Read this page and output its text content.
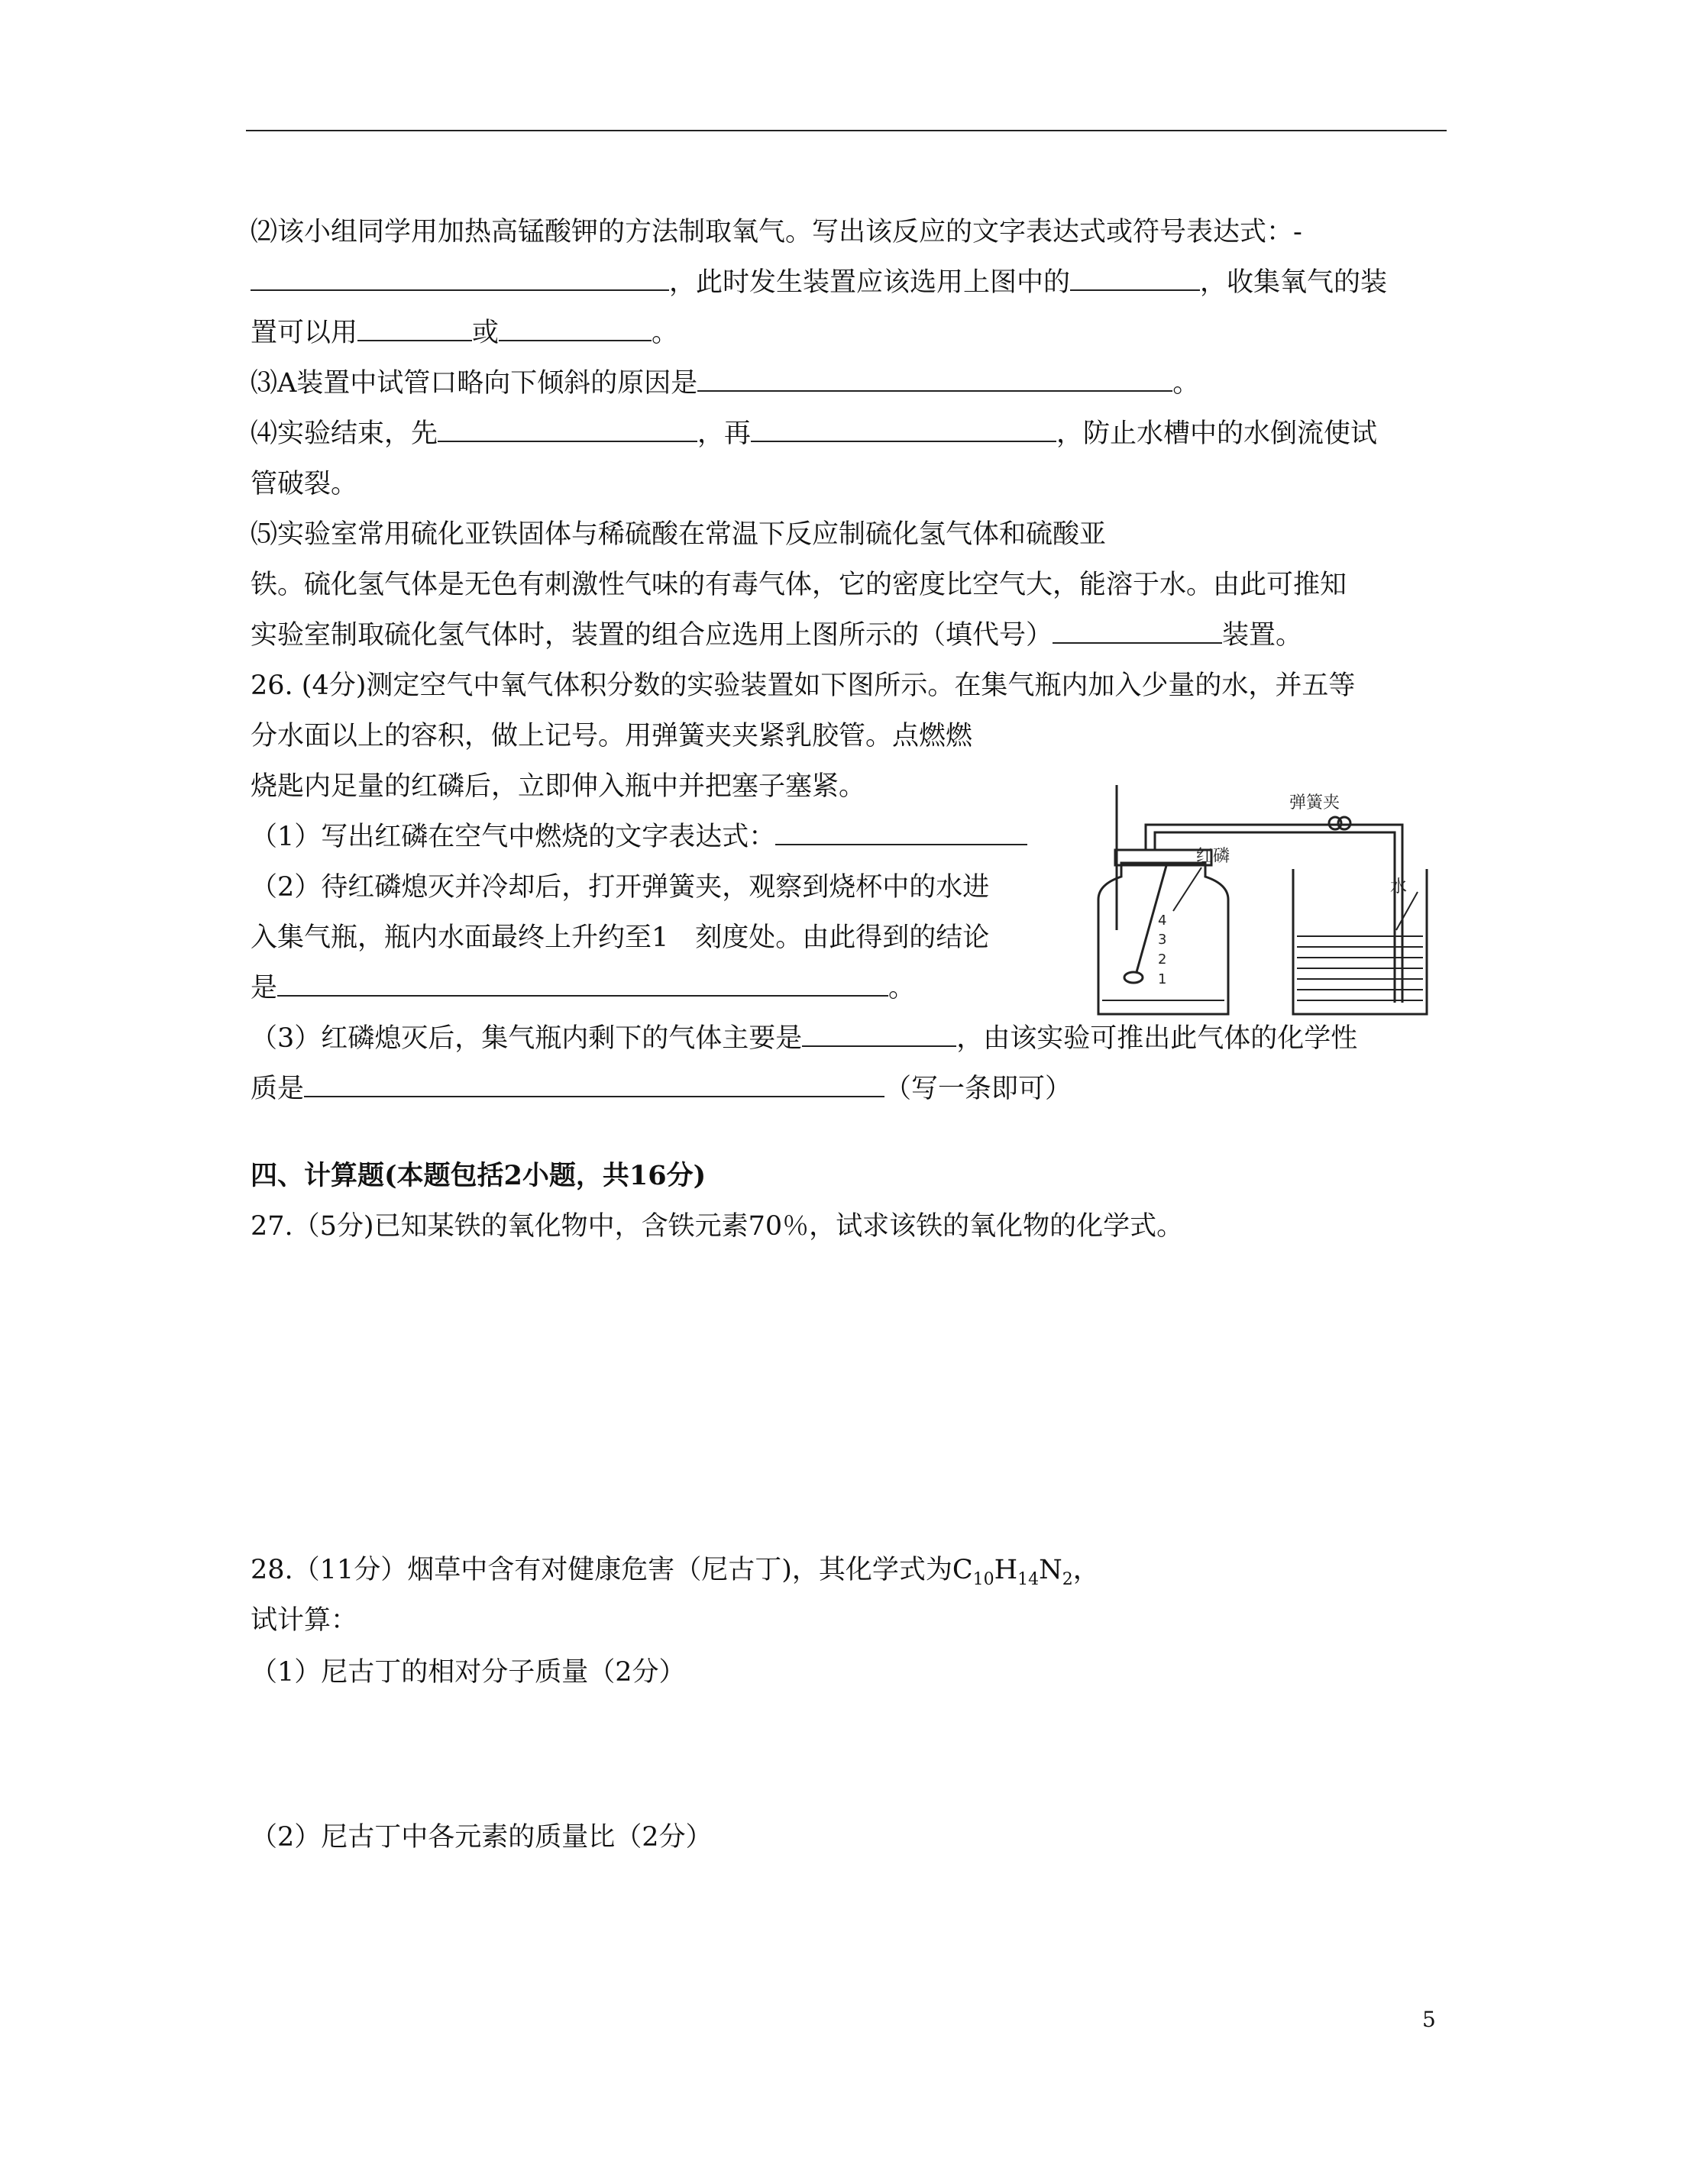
⑵该小组同学用加热高锰酸钾的方法制取氧气。写出该反应的文字表达式或符号表达式：-
，此时发生装置应该选用上图中的	，收集氧气的装
置可以用	或	。
⑶A装置中试管口略向下倾斜的原因是	。
⑷实验结束，先	，再	，防止水槽中的水倒流使试
管破裂。
⑸实验室常用硫化亚铁固体与稀硫酸在常温下反应制硫化氢气体和硫酸亚
铁。硫化氢气体是无色有刺激性气味的有毒气体，它的密度比空气大，能溶于水。由此可推知
实验室制取硫化氢气体时，装置的组合应选用上图所示的（填代号）	装置。
26. (4分)测定空气中氧气体积分数的实验装置如下图所示。在集气瓶内加入少量的水，并五等
分水面以上的容积，做上记号。用弹簧夹夹紧乳胶管。点燃燃
烧匙内足量的红磷后，立即伸入瓶中并把塞子塞紧。
（1）写出红磷在空气中燃烧的文字表达式：
（2）待红磷熄灭并冷却后，打开弹簧夹，观察到烧杯中的水进
入集气瓶，瓶内水面最终上升约至1　刻度处。由此得到的结论
是	。
（3）红磷熄灭后，集气瓶内剩下的气体主要是	，由该实验可推出此气体的化学性
质是	（写一条即可）
4
3
2
1
弹簧夹
红磷
水
四、计算题(本题包括2小题，共16分)
27.（5分)已知某铁的氧化物中，含铁元素70％，试求该铁的氧化物的化学式。
28.（11分）烟草中含有对健康危害（尼古丁)，其化学式为$C_{10}H_{14}N_2$，
试计算：
（1）尼古丁的相对分子质量（2分）
（2）尼古丁中各元素的质量比（2分）
5
